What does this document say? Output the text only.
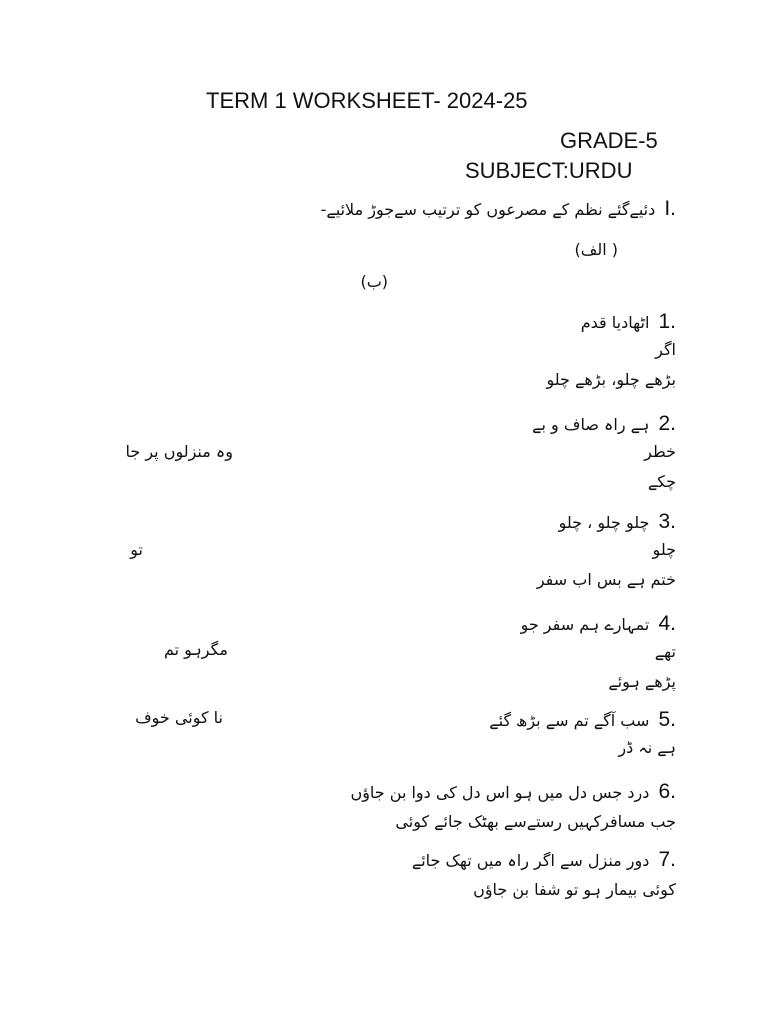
TERM 1 WORKSHEET- 2024-25
GRADE-5
SUBJECT:URDU
I. دئیےگئے نظم کے مصرعوں کو ترتیب سےجوڑ ملائیے-
( الف)
(ب)
1. اٹھادیا قدم
اگر
بڑھے چلو، بڑھے چلو
2. ہے راہ صاف و بے
خطر
چکے
3. چلو چلو ، چلو
چلو
ختم ہے بس اب سفر
4. تمہارے ہم سفر جو
تھے
پڑھے ہوئے
5. سب آگے تم سے بڑھ گئے
ہے نہ ڈر
6. درد جس دل میں ہو اس دل کی دوا بن جاؤں
جب مسافرکہیں رستےسے بھٹک جائے کوئی
7. دور منزل سے اگر راہ میں تھک جائے
کوئی بیمار ہو تو شفا بن جاؤں
وہ منزلوں پر جا
تو
مگرہو تم
نا کوئی خوف
